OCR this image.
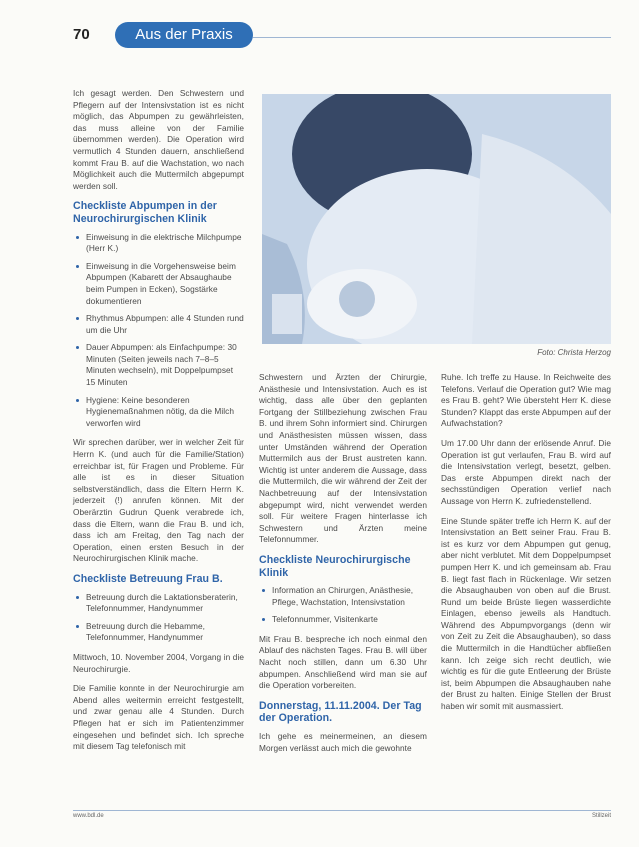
70	Aus der Praxis

Ich gesagt werden. Den Schwestern und Pflegern auf der Intensivstation ist es nicht möglich, das Abpumpen zu gewährleisten, das muss alleine von der Familie übernommen werden). Die Operation wird vermutlich 4 Stunden dauern, anschließend kommt Frau B. auf die Wachstation, wo nach Möglichkeit auch die Muttermilch abgepumpt werden soll.

Checkliste Abpumpen in der Neurochirurgischen Klinik
Einweisung in die elektrische Milchpumpe (Herr K.)
Einweisung in die Vorgehensweise beim Abpumpen (Kabarett der Absaughaube beim Pumpen in Ecken), Sogstärke dokumentieren
Rhythmus Abpumpen: alle 4 Stunden rund um die Uhr
Dauer Abpumpen: als Einfachpumpe: 30 Minuten (Seiten jeweils nach 7–8–5 Minuten wechseln), mit Doppelpumpset 15 Minuten
Hygiene: Keine besonderen Hygienemaßnahmen nötig, da die Milch verworfen wird

Wir sprechen darüber, wer in welcher Zeit für Herrn K. (und auch für die Familie/Station) erreichbar ist, für Fragen und Probleme. Für alle ist es in dieser Situation selbstverständlich, dass die Eltern Herrn K. jederzeit (!) anrufen können. Mit der Oberärztin Gudrun Quenk verabrede ich, dass die Eltern, wann die Frau B. und ich, dass ich am Freitag, den Tag nach der Operation, einen ersten Besuch in der Neurochirurgischen Klinik mache.

Checkliste Betreuung Frau B.
Betreuung durch die Laktationsberaterin, Telefonnummer, Handynummer
Betreuung durch die Hebamme, Telefonnummer, Handynummer

Mittwoch, 10. November 2004, Vorgang in die Neurochirurgie.

Die Familie konnte in der Neurochirurgie am Abend alles weitermin erreicht festgestellt, und zwar genau alle 4 Stunden. Durch Pflegen hat er sich im Patientenzimmer eingesehen und befindet sich. Ich spreche mit diesem Tag telefonisch mit

Foto: Christa Herzog

Schwestern und Ärzten der Chirurgie, Anästhesie und Intensivstation. Auch es ist wichtig, dass alle über den geplanten Fortgang der Stillbeziehung zwischen Frau B. und ihrem Sohn informiert sind. Chirurgen und Anästhesisten müssen wissen, dass unter Umständen während der Operation Muttermilch aus der Brust austreten kann. Wichtig ist unter anderem die Aussage, dass die Muttermilch, die wir während der Zeit der Nachbetreuung auf der Intensivstation abgepumpt wird, nicht verwendet werden soll. Für weitere Fragen hinterlasse ich Schwestern und Ärzten meine Telefonnummer.

Checkliste Neurochirurgische Klinik
Information an Chirurgen, Anästhesie, Pflege, Wachstation, Intensivstation
Telefonnummer, Visitenkarte

Mit Frau B. bespreche ich noch einmal den Ablauf des nächsten Tages. Frau B. will über Nacht noch stillen, dann um 6.30 Uhr abpumpen. Anschließend wird man sie auf die Operation vorbereiten.

Donnerstag, 11.11.2004. Der Tag der Operation.

Ich gehe es meinermeinen, an diesem Morgen verlässt auch mich die gewohnte

Ruhe. Ich treffe zu Hause. In Reichweite des Telefons. Verlauf die Operation gut? Wie mag es Frau B. geht? Wie übersteht Herr K. diese Stunden? Klappt das erste Abpumpen auf der Aufwachstation?

Um 17.00 Uhr dann der erlösende Anruf. Die Operation ist gut verlaufen, Frau B. wird auf die Intensivstation verlegt, besetzt, gelben. Das erste Abpumpen direkt nach der sechsstündigen Operation verlief nach Aussage von Herrn K. zufriedenstellend.

Eine Stunde später treffe ich Herrn K. auf der Intensivstation an Bett seiner Frau. Frau B. ist es kurz vor dem Abpumpen gut genug, aber nicht verblutet. Mit dem Doppelpumpset pumpen Herr K. und ich gemeinsam ab. Frau B. liegt fast flach in Rückenlage. Wir setzen die Absaughauben von oben auf die Brust. Rund um beide Brüste liegen wasserdichte Einlagen, ebenso jeweils als Handtuch. Während des Abpumpvorgangs (denn wir von Zeit zu Zeit die Absaughauben), so dass die Muttermilch in die Handtücher abfließen kann. Ich zeige sich recht deutlich, wie wichtig es für die gute Entleerung der Brüste ist, beim Abpumpen die Absaughauben nahe der Brust zu halten. Einige Stellen der Brust haben wir somit mit ausmassiert.

www.bdl.de	Stillzeit
